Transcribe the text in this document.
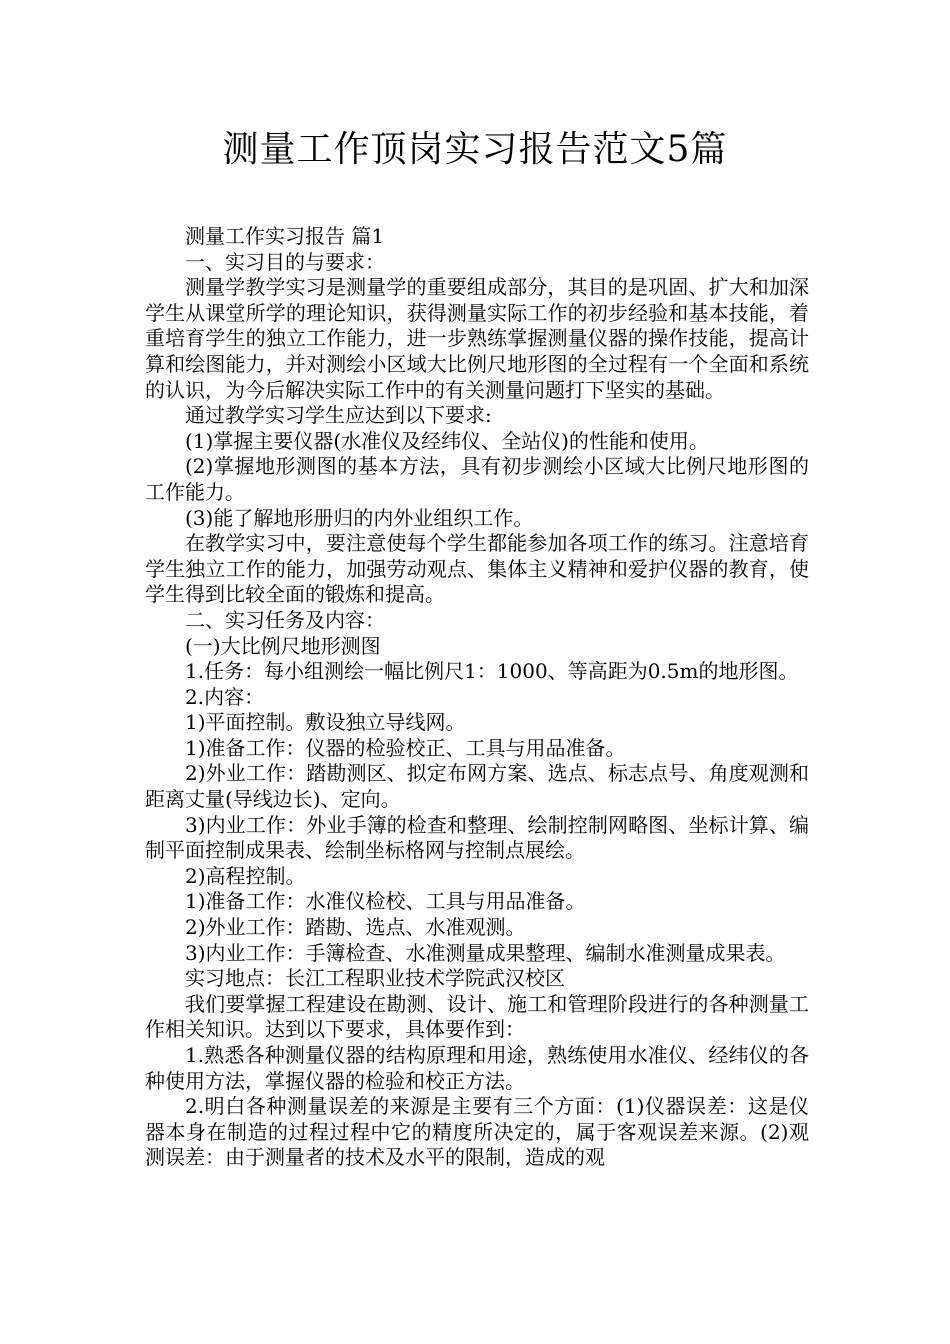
测量工作顶岗实习报告范文5篇

测量工作实习报告 篇1

一、实习目的与要求：

测量学教学实习是测量学的重要组成部分，其目的是巩固、扩大和加深学生从课堂所学的理论知识，获得测量实际工作的初步经验和基本技能，着重培育学生的独立工作能力，进一步熟练掌握测量仪器的操作技能，提高计算和绘图能力，并对测绘小区域大比例尺地形图的全过程有一个全面和系统的认识，为今后解决实际工作中的有关测量问题打下坚实的基础。

通过教学实习学生应达到以下要求:

(1)掌握主要仪器(水准仪及经纬仪、全站仪)的性能和使用。

(2)掌握地形测图的基本方法，具有初步测绘小区域大比例尺地形图的工作能力。

(3)能了解地形册归的内外业组织工作。

在教学实习中，要注意使每个学生都能参加各项工作的练习。注意培育学生独立工作的能力，加强劳动观点、集体主义精神和爱护仪器的教育，使学生得到比较全面的锻炼和提高。

二、实习任务及内容：

(一)大比例尺地形测图

1.任务：每小组测绘一幅比例尺1：1000、等高距为0.5m的地形图。

2.内容：

1)平面控制。敷设独立导线网。

1)准备工作：仪器的检验校正、工具与用品准备。

2)外业工作：踏勘测区、拟定布网方案、选点、标志点号、角度观测和距离丈量(导线边长)、定向。

3)内业工作：外业手簿的检查和整理、绘制控制网略图、坐标计算、编制平面控制成果表、绘制坐标格网与控制点展绘。

2)高程控制。

1)准备工作：水准仪检校、工具与用品准备。

2)外业工作：踏勘、选点、水准观测。

3)内业工作：手簿检查、水准测量成果整理、编制水准测量成果表。

实习地点：长江工程职业技术学院武汉校区

我们要掌握工程建设在勘测、设计、施工和管理阶段进行的各种测量工作相关知识。达到以下要求，具体要作到：

1.熟悉各种测量仪器的结构原理和用途，熟练使用水准仪、经纬仪的各种使用方法，掌握仪器的检验和校正方法。

2.明白各种测量误差的来源是主要有三个方面：(1)仪器误差：这是仪器本身在制造的过程过程中它的精度所决定的，属于客观误差来源。(2)观测误差：由于测量者的技术及水平的限制，造成的观
